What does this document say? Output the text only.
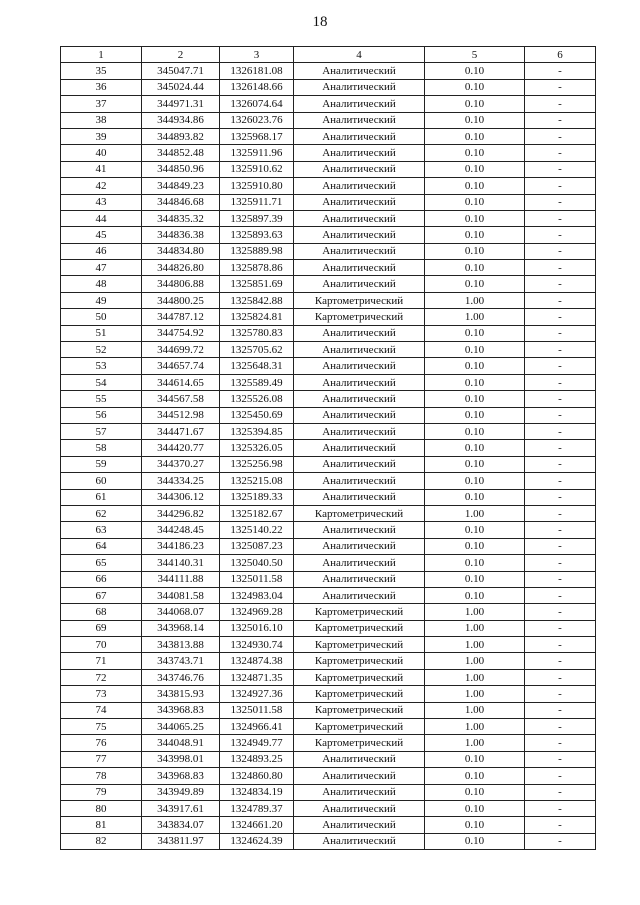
18
1	2	3	4	5	6
35	345047.71	1326181.08	Аналитический	0.10	-
36	345024.44	1326148.66	Аналитический	0.10	-
37	344971.31	1326074.64	Аналитический	0.10	-
38	344934.86	1326023.76	Аналитический	0.10	-
39	344893.82	1325968.17	Аналитический	0.10	-
40	344852.48	1325911.96	Аналитический	0.10	-
41	344850.96	1325910.62	Аналитический	0.10	-
42	344849.23	1325910.80	Аналитический	0.10	-
43	344846.68	1325911.71	Аналитический	0.10	-
44	344835.32	1325897.39	Аналитический	0.10	-
45	344836.38	1325893.63	Аналитический	0.10	-
46	344834.80	1325889.98	Аналитический	0.10	-
47	344826.80	1325878.86	Аналитический	0.10	-
48	344806.88	1325851.69	Аналитический	0.10	-
49	344800.25	1325842.88	Картометрический	1.00	-
50	344787.12	1325824.81	Картометрический	1.00	-
51	344754.92	1325780.83	Аналитический	0.10	-
52	344699.72	1325705.62	Аналитический	0.10	-
53	344657.74	1325648.31	Аналитический	0.10	-
54	344614.65	1325589.49	Аналитический	0.10	-
55	344567.58	1325526.08	Аналитический	0.10	-
56	344512.98	1325450.69	Аналитический	0.10	-
57	344471.67	1325394.85	Аналитический	0.10	-
58	344420.77	1325326.05	Аналитический	0.10	-
59	344370.27	1325256.98	Аналитический	0.10	-
60	344334.25	1325215.08	Аналитический	0.10	-
61	344306.12	1325189.33	Аналитический	0.10	-
62	344296.82	1325182.67	Картометрический	1.00	-
63	344248.45	1325140.22	Аналитический	0.10	-
64	344186.23	1325087.23	Аналитический	0.10	-
65	344140.31	1325040.50	Аналитический	0.10	-
66	344111.88	1325011.58	Аналитический	0.10	-
67	344081.58	1324983.04	Аналитический	0.10	-
68	344068.07	1324969.28	Картометрический	1.00	-
69	343968.14	1325016.10	Картометрический	1.00	-
70	343813.88	1324930.74	Картометрический	1.00	-
71	343743.71	1324874.38	Картометрический	1.00	-
72	343746.76	1324871.35	Картометрический	1.00	-
73	343815.93	1324927.36	Картометрический	1.00	-
74	343968.83	1325011.58	Картометрический	1.00	-
75	344065.25	1324966.41	Картометрический	1.00	-
76	344048.91	1324949.77	Картометрический	1.00	-
77	343998.01	1324893.25	Аналитический	0.10	-
78	343968.83	1324860.80	Аналитический	0.10	-
79	343949.89	1324834.19	Аналитический	0.10	-
80	343917.61	1324789.37	Аналитический	0.10	-
81	343834.07	1324661.20	Аналитический	0.10	-
82	343811.97	1324624.39	Аналитический	0.10	-
